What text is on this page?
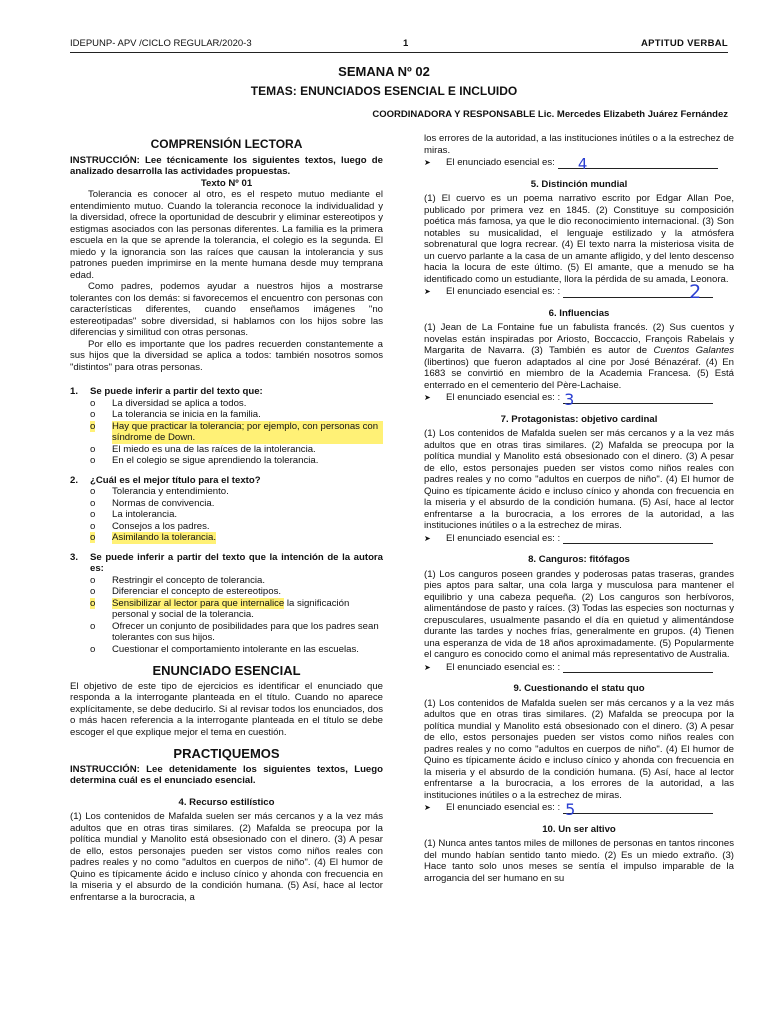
IDEPUNP- APV /CICLO REGULAR/2020-3	1	APTITUD VERBAL
SEMANA Nº 02
TEMAS: ENUNCIADOS ESENCIAL E INCLUIDO
COORDINADORA Y RESPONSABLE Lic. Mercedes Elizabeth Juárez Fernández
COMPRENSIÓN LECTORA

INSTRUCCIÓN: Lee técnicamente los siguientes textos, luego de analizado desarrolla las actividades propuestas.

Texto Nº 01

Tolerancia es conocer al otro, es el respeto mutuo mediante el entendimiento mutuo. Cuando la tolerancia reconoce la individualidad y la diversidad, ofrece la oportunidad de descubrir y eliminar estereotipos y estigmas asociados con las personas diferentes. La familia es la primera escuela en la que se aprende la tolerancia, el colegio es la segunda. El miedo y la ignorancia son las raíces que causan la intolerancia y sus patrones pueden imprimirse en la mente humana desde muy temprana edad.

Como padres, podemos ayudar a nuestros hijos a mostrarse tolerantes con los demás: si favorecemos el encuentro con personas con características diferentes, cuando enseñamos imágenes "no estereotipadas" sobre diversidad, si hablamos con los hijos sobre las diferencias y similitud con otras personas.

Por ello es importante que los padres recuerden constantemente a sus hijos que la diversidad se aplica a todos: también nosotros somos "distintos" para otras personas.

1.	Se puede inferir a partir del texto que:
o	La diversidad se aplica a todos.
o	La tolerancia se inicia en la familia.
o	Hay que practicar la tolerancia; por ejemplo, con personas con síndrome de Down.
o	El miedo es una de las raíces de la intolerancia.
o	En el colegio se sigue aprendiendo la tolerancia.
2.	¿Cuál es el mejor título para el texto?
o	Tolerancia y entendimiento.
o	Normas de convivencia.
o	La intolerancia.
o	Consejos a los padres.
o	Asimilando la tolerancia.
3.	Se puede inferir a partir del texto que la intención de la autora es:
o	Restringir el concepto de tolerancia.
o	Diferenciar el concepto de estereotipos.
o	Sensibilizar al lector para que internalice la significación personal y social de la tolerancia.
o	Ofrecer un conjunto de posibilidades para que los padres sean tolerantes con sus hijos.
o	Cuestionar el comportamiento intolerante en las escuelas.
ENUNCIADO ESENCIAL

El objetivo de este tipo de ejercicios es identificar el enunciado que responda a la interrogante planteada en el título. Cuando no aparece explícitamente, se debe deducirlo. Si al revisar todos los enunciados, dos o más hacen referencia a la interrogante planteada en el título se debe escoger el que explique mejor el tema en cuestión.

PRACTIQUEMOS

INSTRUCCIÓN: Lee detenidamente los siguientes textos, Luego determina cuál es el enunciado esencial.

4. Recurso estilístico

(1) Los contenidos de Mafalda suelen ser más cercanos y a la vez más adultos que en otras tiras similares. (2) Mafalda se preocupa por la política mundial y Manolito está obsesionado con el dinero. (3) A pesar de ello, estos personajes pueden ser vistos como niños reales con padres reales y no como "adultos en cuerpos de niño". (4) El humor de Quino es típicamente ácido e incluso cínico y ahonda con frecuencia en la miseria y el absurdo de la condición humana. (5) Así, hace al lector enfrentarse a la burocracia, a

los errores de la autoridad, a las instituciones inútiles o a la estrechez de miras.

➤	El enunciado esencial es: 4
5. Distinción mundial

(1) El cuervo es un poema narrativo escrito por Edgar Allan Poe, publicado por primera vez en 1845. (2) Constituye su composición poética más famosa, ya que le dio reconocimiento internacional. (3) Son notables su musicalidad, el lenguaje estilizado y la atmósfera sobrenatural que logra recrear. (4) El texto narra la misteriosa visita de un cuervo parlante a la casa de un amante afligido, y del lento descenso hacia la locura de este último. (5) El amante, que a menudo se ha identificado como un estudiante, llora la pérdida de su amada, Leonora.

➤	El enunciado esencial es: :	2
6. Influencias

(1) Jean de La Fontaine fue un fabulista francés. (2) Sus cuentos y novelas están inspiradas por Ariosto, Boccaccio, François Rabelais y Margarita de Navarra. (3) También es autor de Cuentos Galantes (libertinos) que fueron adaptados al cine por José Bénazéraf. (4) En 1683 se convirtió en miembro de la Academia Francesa. (5) Está enterrado en el cementerio del Père-Lachaise.

➤	El enunciado esencial es: : 3
7. Protagonistas: objetivo cardinal

(1) Los contenidos de Mafalda suelen ser más cercanos y a la vez más adultos que en otras tiras similares. (2) Mafalda se preocupa por la política mundial y Manolito está obsesionado con el dinero. (3) A pesar de ello, estos personajes pueden ser vistos como niños reales con padres reales y no como "adultos en cuerpos de niño". (4) El humor de Quino es típicamente ácido e incluso cínico y ahonda con frecuencia en la miseria y el absurdo de la condición humana. (5) Así, hace al lector enfrentarse a la burocracia, a los errores de la autoridad, a las instituciones inútiles o a la estrechez de miras.

➤	El enunciado esencial es: :
8. Canguros: fitófagos

(1) Los canguros poseen grandes y poderosas patas traseras, grandes pies aptos para saltar, una cola larga y musculosa para mantener el equilibrio y una cabeza pequeña. (2) Los canguros son herbívoros, alimentándose de pasto y raíces. (3) Todas las especies son nocturnas y crepusculares, usualmente pasando el día en quietud y alimentándose durante las tardes y noches frías, generalmente en grupos. (4) Tienen una esperanza de vida de 18 años aproximadamente. (5) Popularmente el canguro es conocido como el animal más representativo de Australia.

➤	El enunciado esencial es: :
9. Cuestionando el statu quo

(1) Los contenidos de Mafalda suelen ser más cercanos y a la vez más adultos que en otras tiras similares. (2) Mafalda se preocupa por la política mundial y Manolito está obsesionado con el dinero. (3) A pesar de ello, estos personajes pueden ser vistos como niños reales con padres reales y no como "adultos en cuerpos de niño". (4) El humor de Quino es típicamente ácido e incluso cínico y ahonda con frecuencia en la miseria y el absurdo de la condición humana. (5) Así, hace al lector enfrentarse a la burocracia, a los errores de la autoridad, a las instituciones inútiles o a la estrechez de miras.

➤	El enunciado esencial es: : 5
10. Un ser altivo

(1) Nunca antes tantos miles de millones de personas en tantos rincones del mundo habían sentido tanto miedo. (2) Es un miedo extraño. (3) Hace tanto solo unos meses se sentía el impulso imparable de la arrogancia del ser humano en su
